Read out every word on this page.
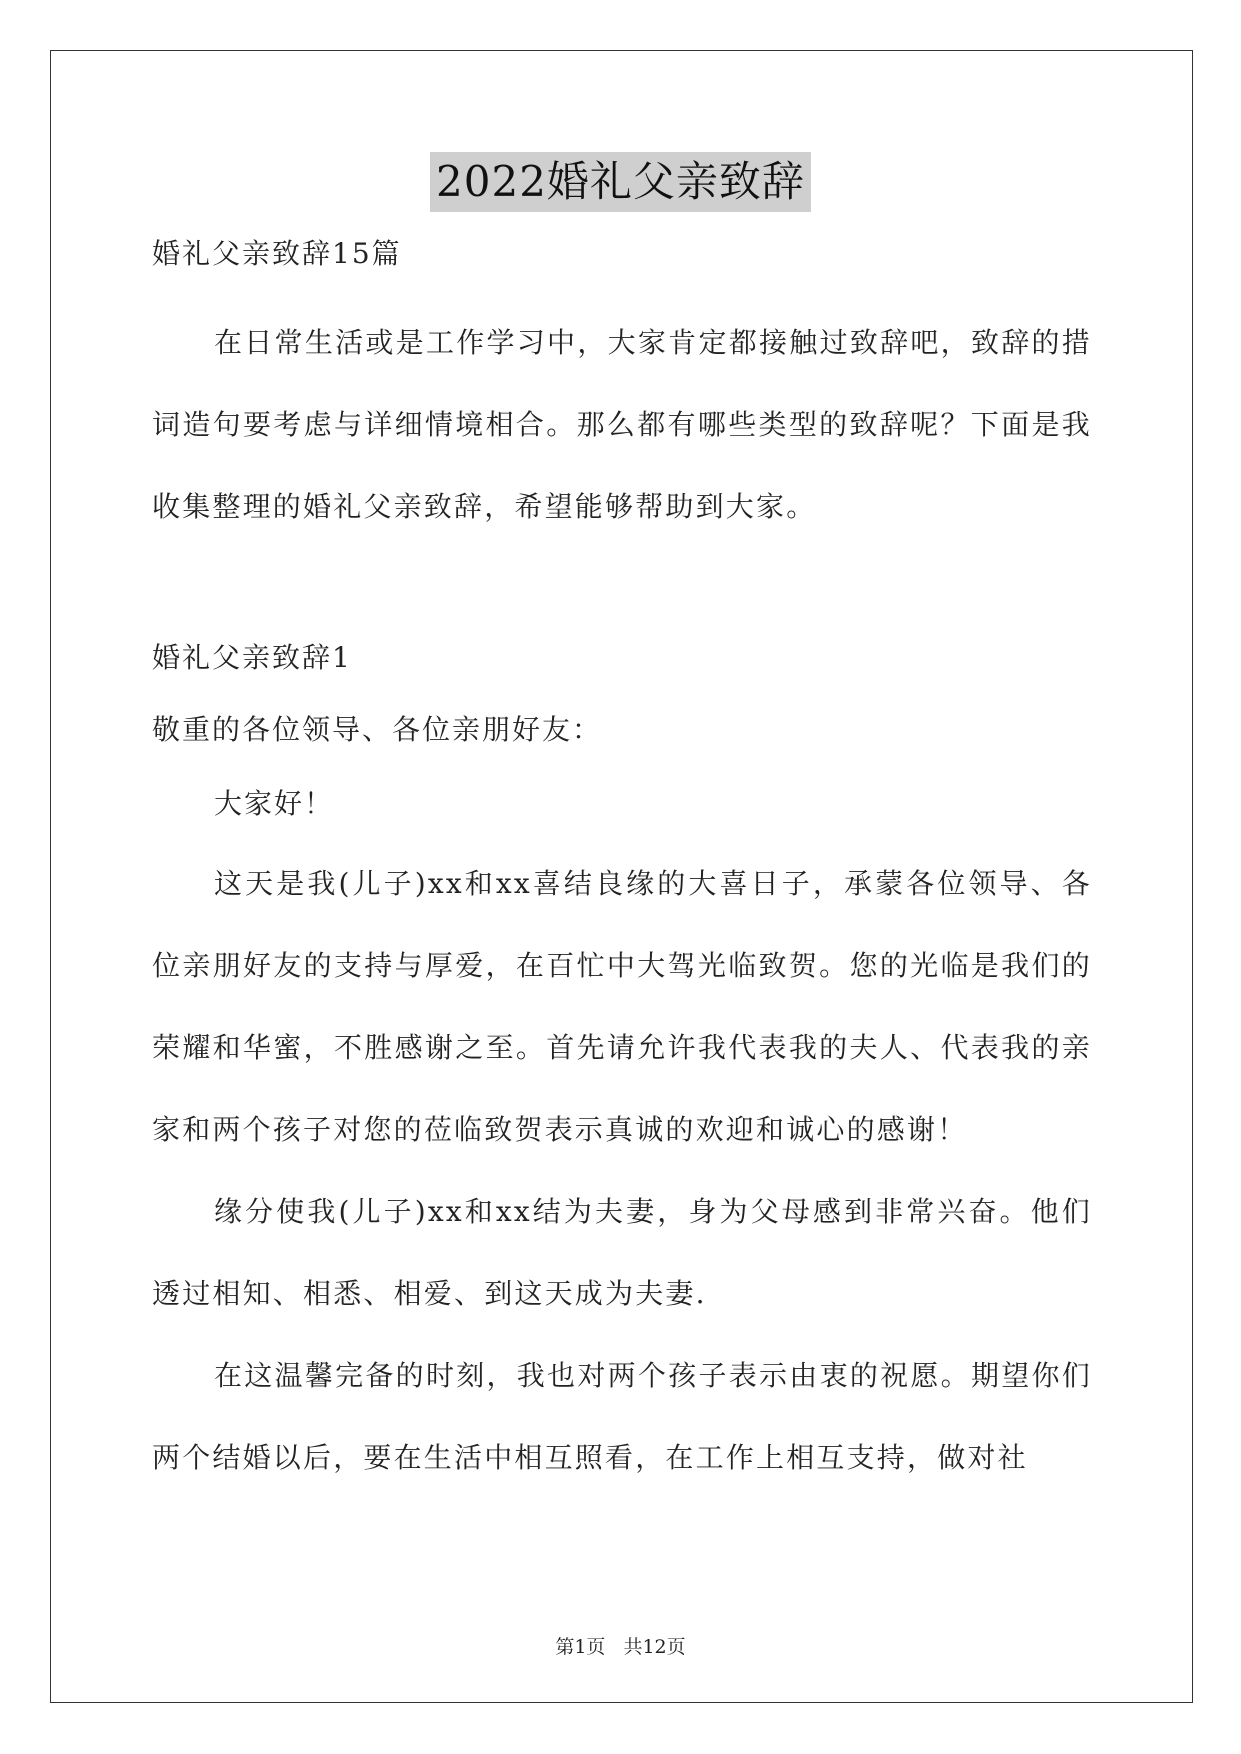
2022婚礼父亲致辞

婚礼父亲致辞15篇

在日常生活或是工作学习中，大家肯定都接触过致辞吧，致辞的措词造句要考虑与详细情境相合。那么都有哪些类型的致辞呢？下面是我收集整理的婚礼父亲致辞，希望能够帮助到大家。

婚礼父亲致辞1

敬重的各位领导、各位亲朋好友：

大家好！

这天是我(儿子)xx和xx喜结良缘的大喜日子，承蒙各位领导、各位亲朋好友的支持与厚爱，在百忙中大驾光临致贺。您的光临是我们的荣耀和华蜜，不胜感谢之至。首先请允许我代表我的夫人、代表我的亲家和两个孩子对您的莅临致贺表示真诚的欢迎和诚心的感谢！

缘分使我(儿子)xx和xx结为夫妻，身为父母感到非常兴奋。他们透过相知、相悉、相爱、到这天成为夫妻.

在这温馨完备的时刻，我也对两个孩子表示由衷的祝愿。期望你们两个结婚以后，要在生活中相互照看，在工作上相互支持，做对社

第1页 共12页
